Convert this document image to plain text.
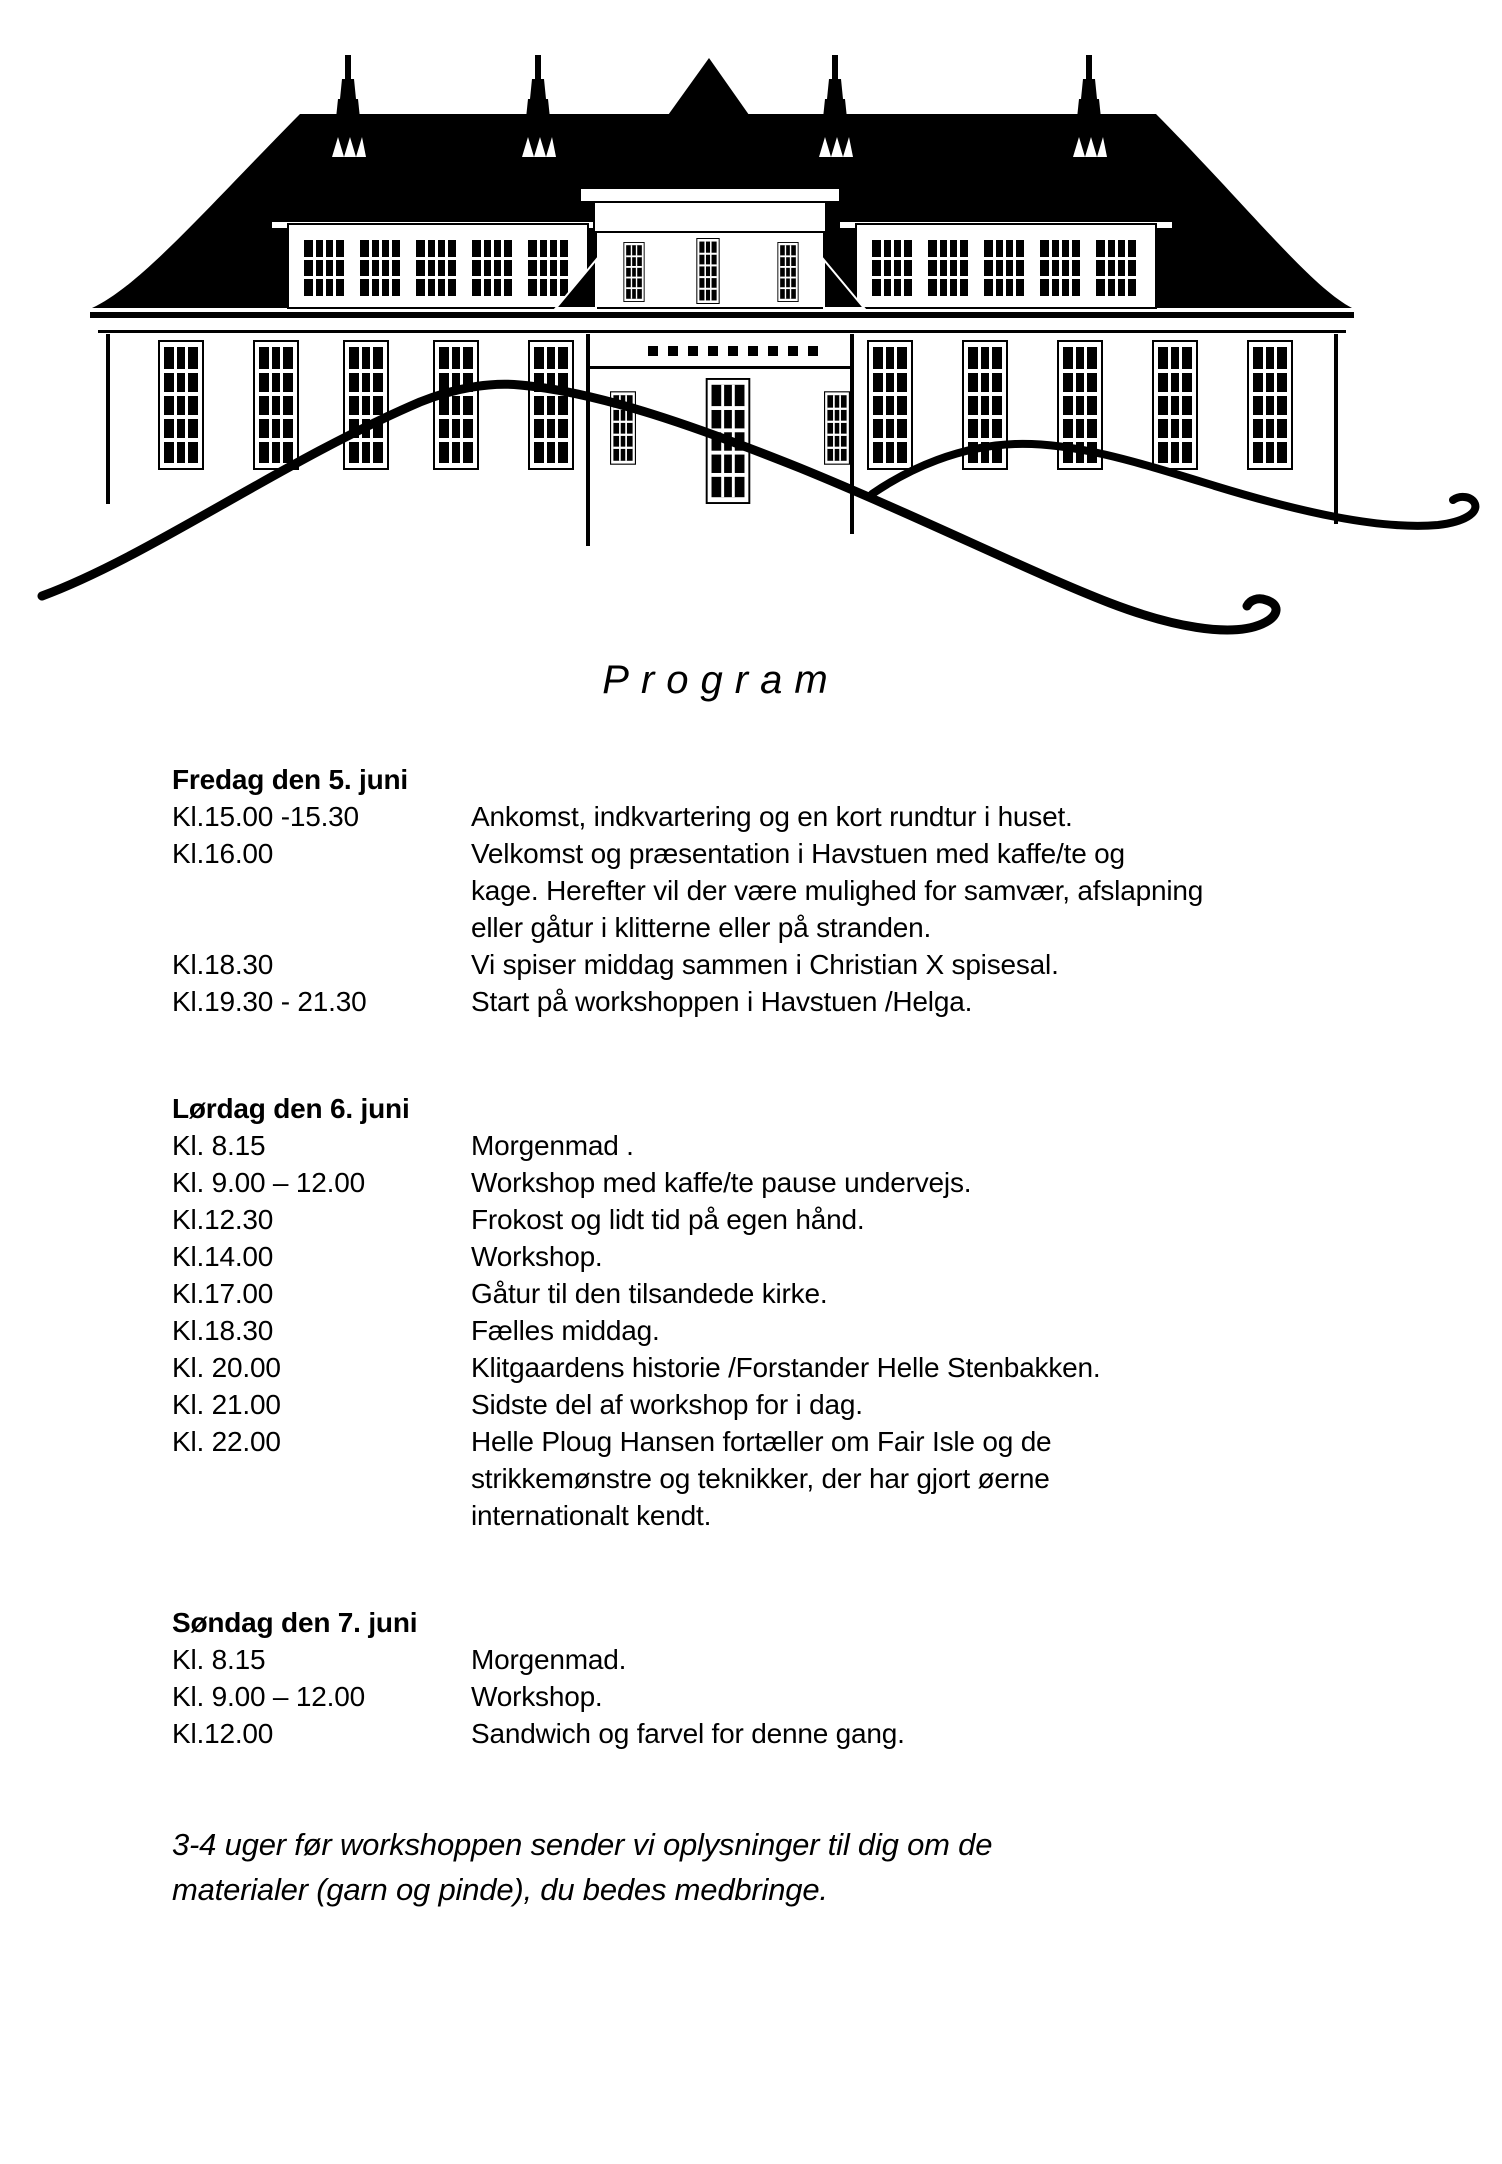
Program
Fredag den 5. juni
Kl.15.00 -15.30	Ankomst, indkvartering og en kort rundtur i huset.
Kl.16.00	Velkomst og præsentation i Havstuen med kaffe/te og
kage. Herefter vil der være mulighed for samvær, afslapning
eller gåtur i klitterne eller på stranden.
Kl.18.30	Vi spiser middag sammen i Christian X spisesal.
Kl.19.30 - 21.30	Start på workshoppen i Havstuen /Helga.
Lørdag den 6. juni
Kl. 8.15	Morgenmad .
Kl. 9.00 – 12.00	Workshop med kaffe/te pause undervejs.
Kl.12.30	Frokost og lidt tid på egen hånd.
Kl.14.00	Workshop.
Kl.17.00	Gåtur til den tilsandede kirke.
Kl.18.30	Fælles middag.
Kl. 20.00	Klitgaardens historie /Forstander Helle Stenbakken.
Kl. 21.00	Sidste del af workshop for i dag.
Kl. 22.00	Helle Ploug Hansen fortæller om Fair Isle og de
strikkemønstre og teknikker, der har gjort øerne
internationalt kendt.
Søndag den 7. juni
Kl. 8.15	Morgenmad.
Kl. 9.00 – 12.00	Workshop.
Kl.12.00	Sandwich og farvel for denne gang.
3-4 uger før workshoppen sender vi oplysninger til dig om de
materialer (garn og pinde), du bedes medbringe.
